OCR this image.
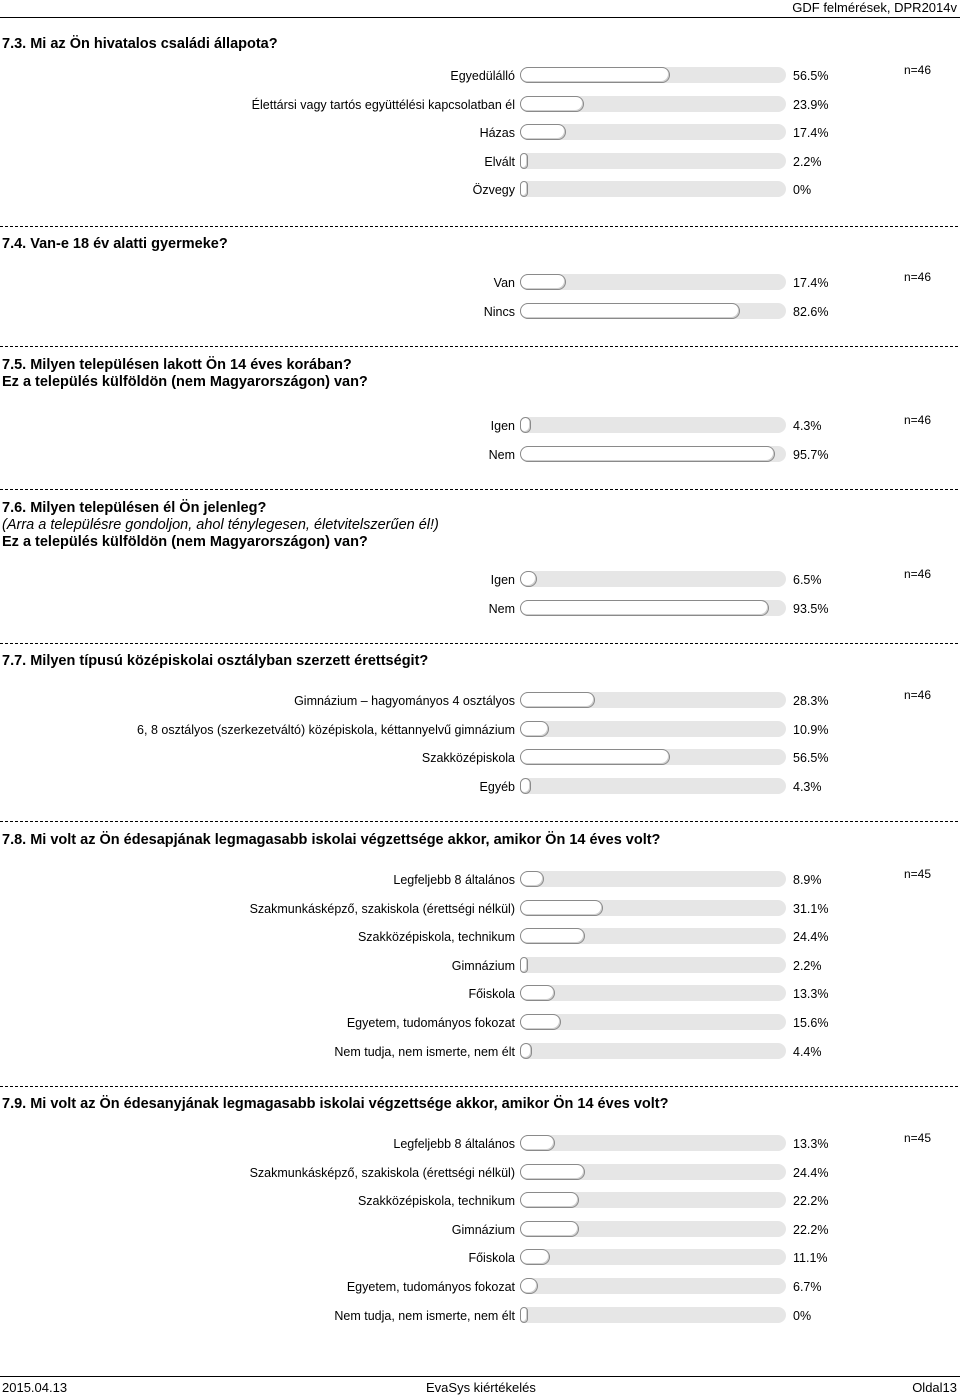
GDF felmérések, DPR2014v
7.3. Mi az Ön hivatalos családi állapota?
n=46
Egyedülálló	56.5%
Élettársi vagy tartós együttélési kapcsolatban él	23.9%
Házas	17.4%
Elvált	2.2%
Özvegy	0%
7.4. Van-e 18 év alatti gyermeke?
n=46
Van	17.4%
Nincs	82.6%
7.5. Milyen településen lakott Ön 14 éves korában?
Ez a település külföldön (nem Magyarországon) van?
n=46
Igen	4.3%
Nem	95.7%
7.6. Milyen településen él Ön jelenleg?
(Arra a településre gondoljon, ahol ténylegesen, életvitelszerűen él!)
Ez a település külföldön (nem Magyarországon) van?
n=46
Igen	6.5%
Nem	93.5%
7.7. Milyen típusú középiskolai osztályban szerzett érettségit?
n=46
Gimnázium – hagyományos 4 osztályos	28.3%
6, 8 osztályos (szerkezetváltó) középiskola, kéttannyelvű gimnázium	10.9%
Szakközépiskola	56.5%
Egyéb	4.3%
7.8. Mi volt az Ön édesapjának legmagasabb iskolai végzettsége akkor, amikor Ön 14 éves volt?
n=45
Legfeljebb 8 általános	8.9%
Szakmunkásképző, szakiskola (érettségi nélkül)	31.1%
Szakközépiskola, technikum	24.4%
Gimnázium	2.2%
Főiskola	13.3%
Egyetem, tudományos fokozat	15.6%
Nem tudja, nem ismerte, nem élt	4.4%
7.9. Mi volt az Ön édesanyjának legmagasabb iskolai végzettsége akkor, amikor Ön 14 éves volt?
n=45
Legfeljebb 8 általános	13.3%
Szakmunkásképző, szakiskola (érettségi nélkül)	24.4%
Szakközépiskola, technikum	22.2%
Gimnázium	22.2%
Főiskola	11.1%
Egyetem, tudományos fokozat	6.7%
Nem tudja, nem ismerte, nem élt	0%
2015.04.13	EvaSys kiértékelés	Oldal13
